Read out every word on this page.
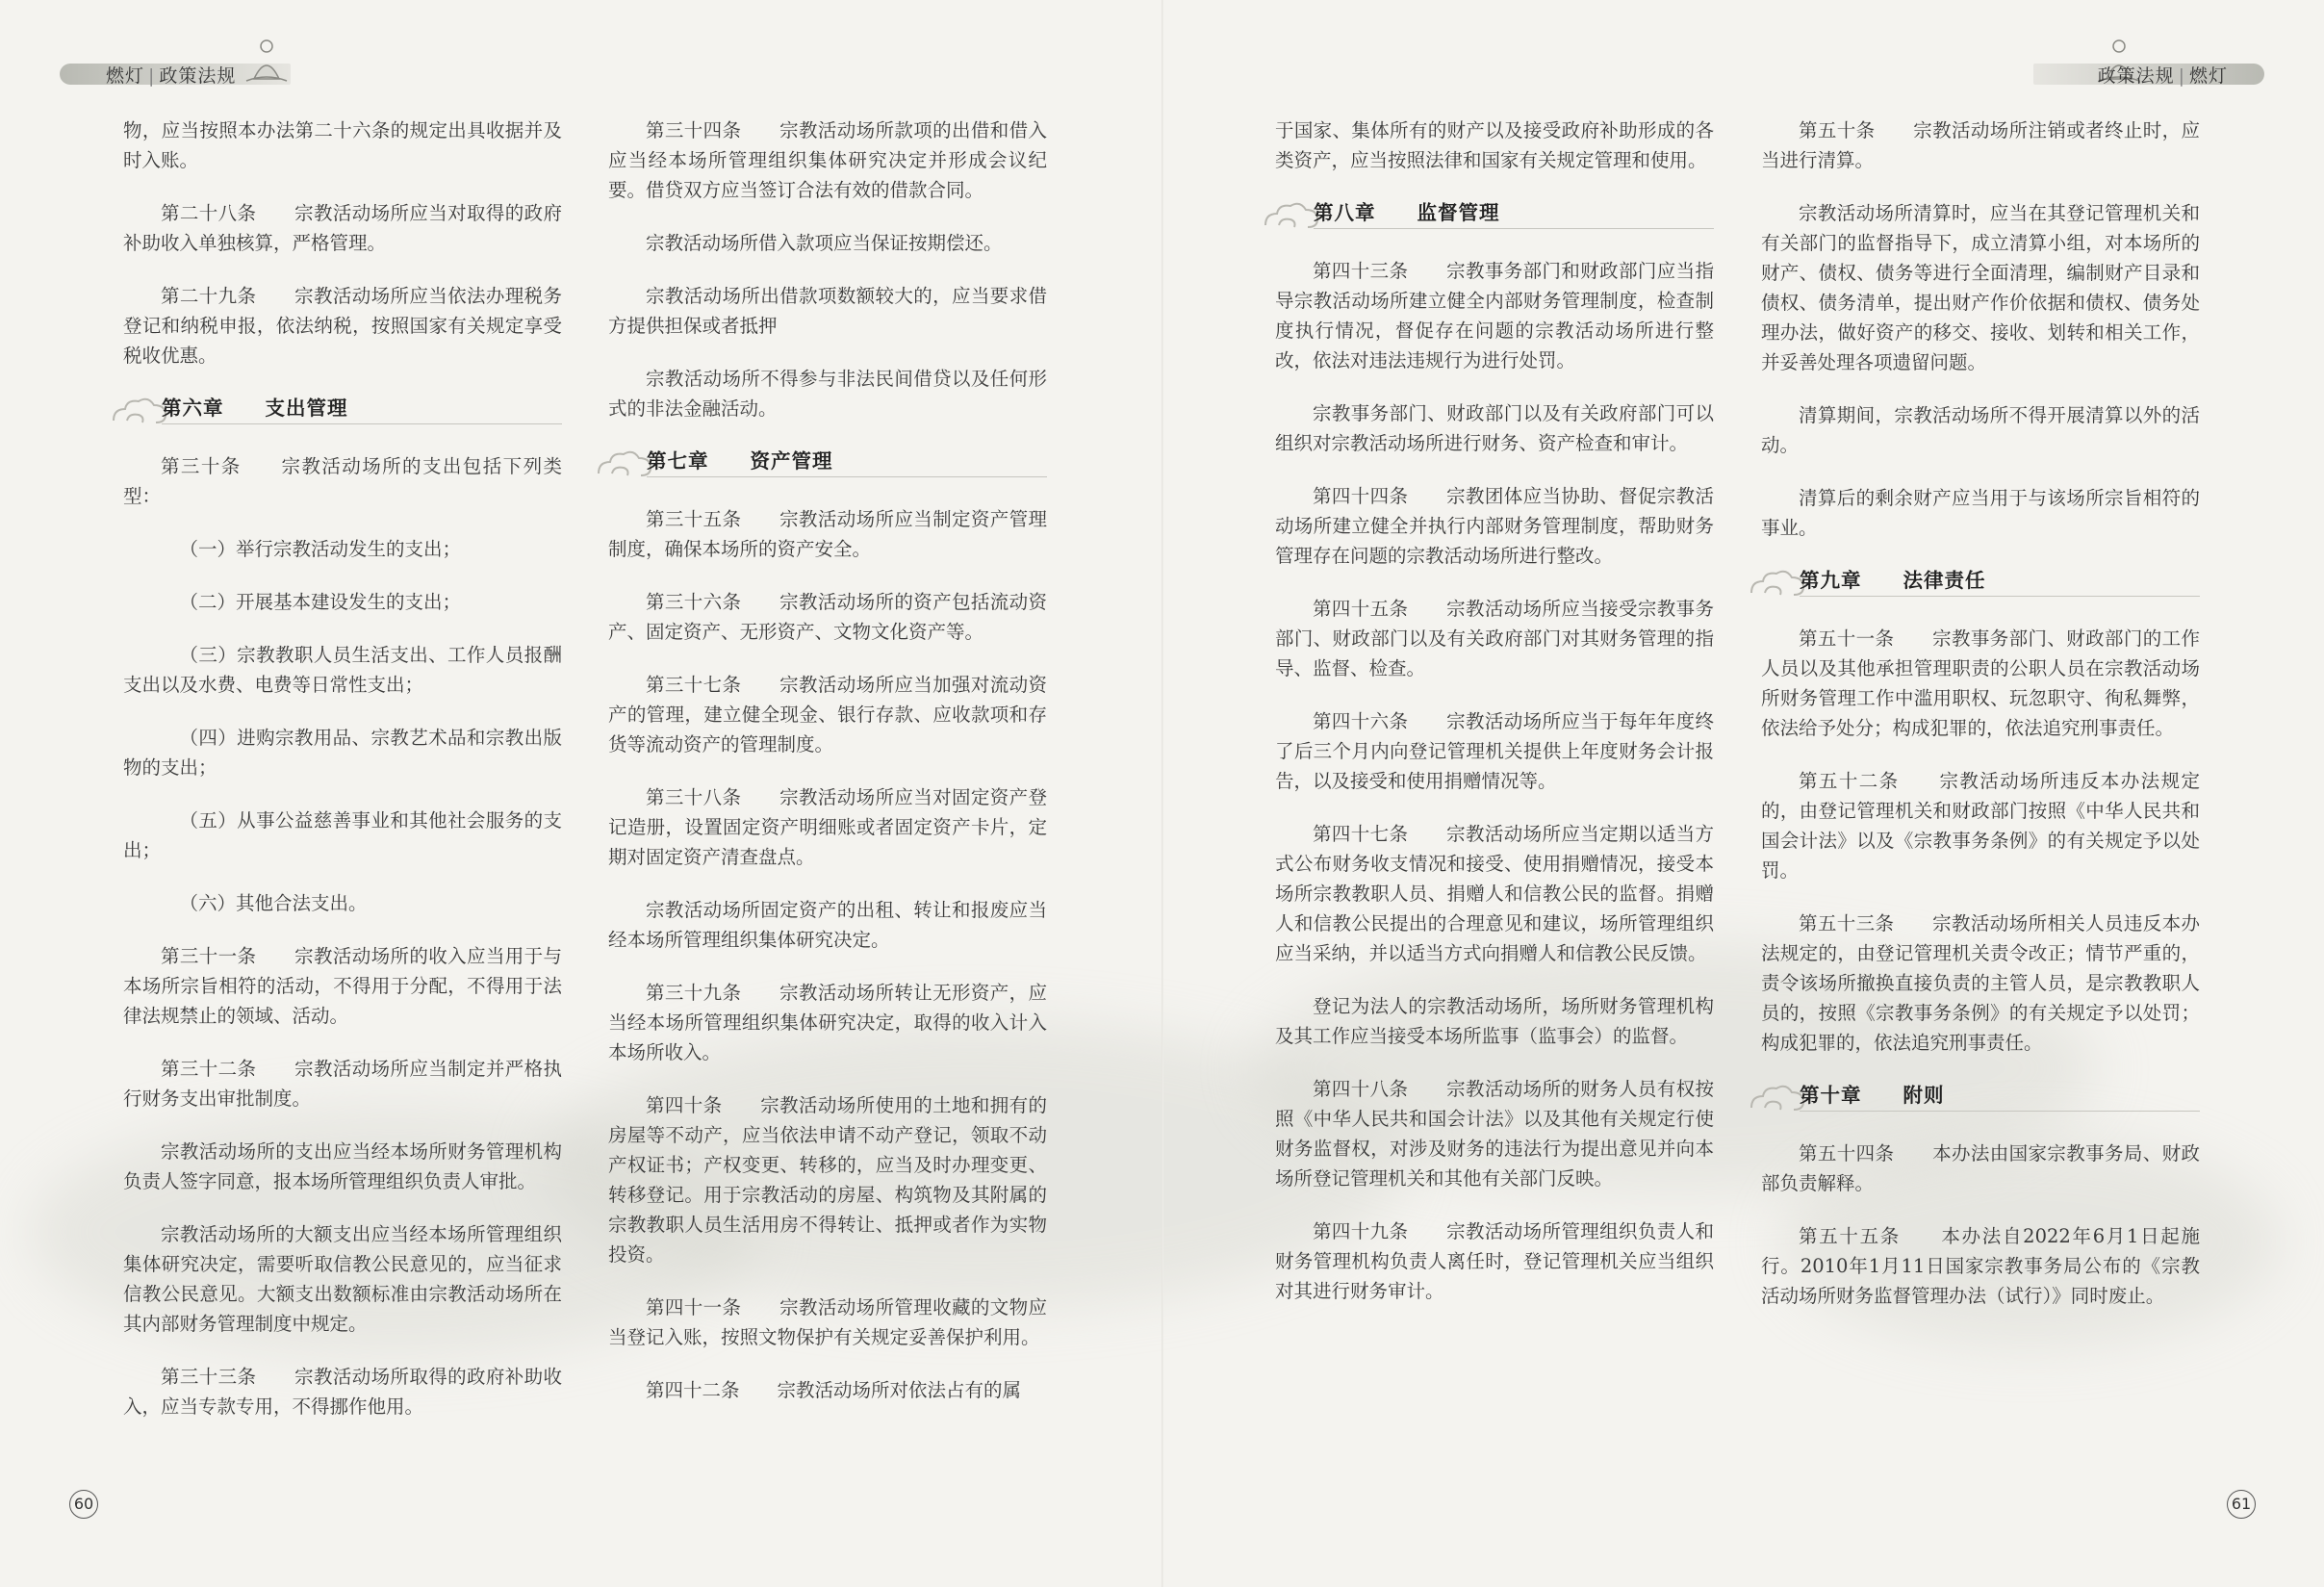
燃灯 | 政策法规	政策法规 | 燃灯

物，应当按照本办法第二十六条的规定出具收据并及时入账。

第二十八条　　宗教活动场所应当对取得的政府补助收入单独核算，严格管理。

第二十九条　　宗教活动场所应当依法办理税务登记和纳税申报，依法纳税，按照国家有关规定享受税收优惠。

第六章　　支出管理

第三十条　　宗教活动场所的支出包括下列类型：

（一）举行宗教活动发生的支出；

（二）开展基本建设发生的支出；

（三）宗教教职人员生活支出、工作人员报酬支出以及水费、电费等日常性支出；

（四）进购宗教用品、宗教艺术品和宗教出版物的支出；

（五）从事公益慈善事业和其他社会服务的支出；

（六）其他合法支出。

第三十一条　　宗教活动场所的收入应当用于与本场所宗旨相符的活动，不得用于分配，不得用于法律法规禁止的领域、活动。

第三十二条　　宗教活动场所应当制定并严格执行财务支出审批制度。

宗教活动场所的支出应当经本场所财务管理机构负责人签字同意，报本场所管理组织负责人审批。

宗教活动场所的大额支出应当经本场所管理组织集体研究决定，需要听取信教公民意见的，应当征求信教公民意见。大额支出数额标准由宗教活动场所在其内部财务管理制度中规定。

第三十三条　　宗教活动场所取得的政府补助收入，应当专款专用，不得挪作他用。

第三十四条　　宗教活动场所款项的出借和借入应当经本场所管理组织集体研究决定并形成会议纪要。借贷双方应当签订合法有效的借款合同。

宗教活动场所借入款项应当保证按期偿还。

宗教活动场所出借款项数额较大的，应当要求借方提供担保或者抵押

宗教活动场所不得参与非法民间借贷以及任何形式的非法金融活动。

第七章　　资产管理

第三十五条　　宗教活动场所应当制定资产管理制度，确保本场所的资产安全。

第三十六条　　宗教活动场所的资产包括流动资产、固定资产、无形资产、文物文化资产等。

第三十七条　　宗教活动场所应当加强对流动资产的管理，建立健全现金、银行存款、应收款项和存货等流动资产的管理制度。

第三十八条　　宗教活动场所应当对固定资产登记造册，设置固定资产明细账或者固定资产卡片，定期对固定资产清查盘点。

宗教活动场所固定资产的出租、转让和报废应当经本场所管理组织集体研究决定。

第三十九条　　宗教活动场所转让无形资产，应当经本场所管理组织集体研究决定，取得的收入计入本场所收入。

第四十条　　宗教活动场所使用的土地和拥有的房屋等不动产，应当依法申请不动产登记，领取不动产权证书；产权变更、转移的，应当及时办理变更、转移登记。用于宗教活动的房屋、构筑物及其附属的宗教教职人员生活用房不得转让、抵押或者作为实物投资。

第四十一条　　宗教活动场所管理收藏的文物应当登记入账，按照文物保护有关规定妥善保护利用。

第四十二条　　宗教活动场所对依法占有的属

于国家、集体所有的财产以及接受政府补助形成的各类资产，应当按照法律和国家有关规定管理和使用。

第八章　　监督管理

第四十三条　　宗教事务部门和财政部门应当指导宗教活动场所建立健全内部财务管理制度，检查制度执行情况，督促存在问题的宗教活动场所进行整改，依法对违法违规行为进行处罚。

宗教事务部门、财政部门以及有关政府部门可以组织对宗教活动场所进行财务、资产检查和审计。

第四十四条　　宗教团体应当协助、督促宗教活动场所建立健全并执行内部财务管理制度，帮助财务管理存在问题的宗教活动场所进行整改。

第四十五条　　宗教活动场所应当接受宗教事务部门、财政部门以及有关政府部门对其财务管理的指导、监督、检查。

第四十六条　　宗教活动场所应当于每年年度终了后三个月内向登记管理机关提供上年度财务会计报告，以及接受和使用捐赠情况等。

第四十七条　　宗教活动场所应当定期以适当方式公布财务收支情况和接受、使用捐赠情况，接受本场所宗教教职人员、捐赠人和信教公民的监督。捐赠人和信教公民提出的合理意见和建议，场所管理组织应当采纳，并以适当方式向捐赠人和信教公民反馈。

登记为法人的宗教活动场所，场所财务管理机构及其工作应当接受本场所监事（监事会）的监督。

第四十八条　　宗教活动场所的财务人员有权按照《中华人民共和国会计法》以及其他有关规定行使财务监督权，对涉及财务的违法行为提出意见并向本场所登记管理机关和其他有关部门反映。

第四十九条　　宗教活动场所管理组织负责人和财务管理机构负责人离任时，登记管理机关应当组织对其进行财务审计。

第五十条　　宗教活动场所注销或者终止时，应当进行清算。

宗教活动场所清算时，应当在其登记管理机关和有关部门的监督指导下，成立清算小组，对本场所的财产、债权、债务等进行全面清理，编制财产目录和债权、债务清单，提出财产作价依据和债权、债务处理办法，做好资产的移交、接收、划转和相关工作，并妥善处理各项遗留问题。

清算期间，宗教活动场所不得开展清算以外的活动。

清算后的剩余财产应当用于与该场所宗旨相符的事业。

第九章　　法律责任

第五十一条　　宗教事务部门、财政部门的工作人员以及其他承担管理职责的公职人员在宗教活动场所财务管理工作中滥用职权、玩忽职守、徇私舞弊，依法给予处分；构成犯罪的，依法追究刑事责任。

第五十二条　　宗教活动场所违反本办法规定的，由登记管理机关和财政部门按照《中华人民共和国会计法》以及《宗教事务条例》的有关规定予以处罚。

第五十三条　　宗教活动场所相关人员违反本办法规定的，由登记管理机关责令改正；情节严重的，责令该场所撤换直接负责的主管人员，是宗教教职人员的，按照《宗教事务条例》的有关规定予以处罚；构成犯罪的，依法追究刑事责任。

第十章　　附则

第五十四条　　本办法由国家宗教事务局、财政部负责解释。

第五十五条　　本办法自2022年6月1日起施行。2010年1月11日国家宗教事务局公布的《宗教活动场所财务监督管理办法（试行）》同时废止。

60	61
